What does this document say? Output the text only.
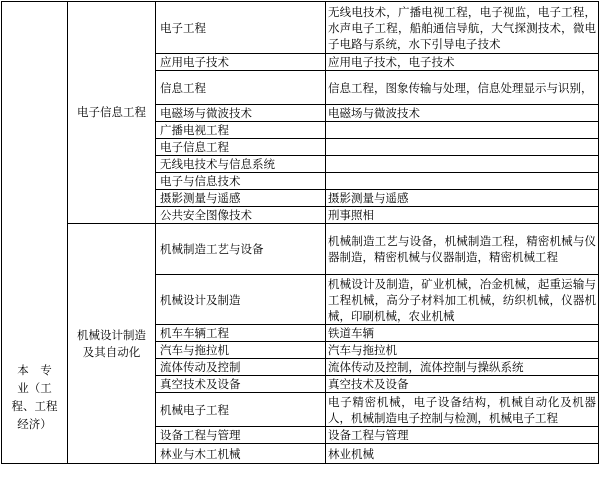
本　专　业（工程、工程经济）	电子信息工程	电子工程	无线电技术，广播电视工程，电子视监，电子工程，水声电子工程，船舶通信导航，大气探测技术，微电子电路与系统，水下引导电子技术
		应用电子技术	应用电子技术，电子技术
		信息工程	信息工程，图象传输与处理，信息处理显示与识别，
		电磁场与微波技术	电磁场与微波技术
		广播电视工程	
		电子信息工程	
		无线电技术与信息系统	
		电子与信息技术	
		摄影测量与遥感	摄影测量与遥感
		公共安全图像技术	刑事照相
	机械设计制造及其自动化	机械制造工艺与设备	机械制造工艺与设备，机械制造工程，精密机械与仪器制造，精密机械与仪器制造，精密机械工程
		机械设计及制造	机械设计及制造，矿业机械，冶金机械，起重运输与工程机械，高分子材料加工机械，纺织机械，仪器机械，印刷机械，农业机械
		机车车辆工程	铁道车辆
		汽车与拖拉机	汽车与拖拉机
		流体传动及控制	流体传动及控制，流体控制与操纵系统
		真空技术及设备	真空技术及设备
		机械电子工程	电子精密机械，电子设备结构，机械自动化及机器人，机械制造电子控制与检测，机械电子工程
		设备工程与管理	设备工程与管理
		林业与木工机械	林业机械
